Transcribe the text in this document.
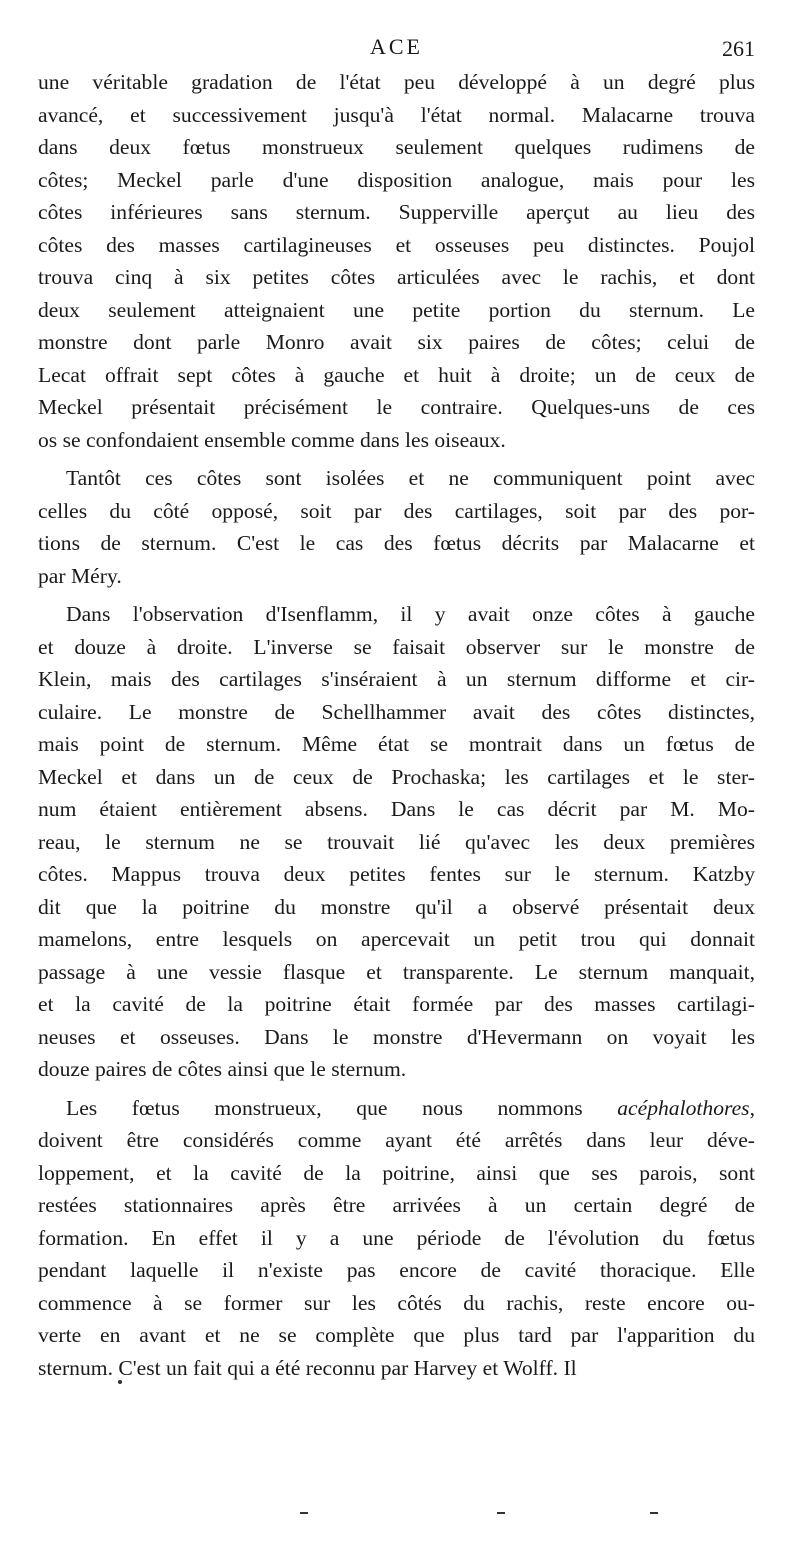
ACE	261
une véritable gradation de l'état peu développé à un degré plus
avancé, et successivement jusqu'à l'état normal. Malacarne trouva
dans deux fœtus monstrueux seulement quelques rudimens de
côtes; Meckel parle d'une disposition analogue, mais pour les
côtes inférieures sans sternum. Supperville aperçut au lieu des
côtes des masses cartilagineuses et osseuses peu distinctes. Poujol
trouva cinq à six petites côtes articulées avec le rachis, et dont
deux seulement atteignaient une petite portion du sternum. Le
monstre dont parle Monro avait six paires de côtes; celui de
Lecat offrait sept côtes à gauche et huit à droite; un de ceux de
Meckel présentait précisément le contraire. Quelques-uns de ces
os se confondaient ensemble comme dans les oiseaux.
Tantôt ces côtes sont isolées et ne communiquent point avec
celles du côté opposé, soit par des cartilages, soit par des por-
tions de sternum. C'est le cas des fœtus décrits par Malacarne et
par Méry.
Dans l'observation d'Isenflamm, il y avait onze côtes à gauche
et douze à droite. L'inverse se faisait observer sur le monstre de
Klein, mais des cartilages s'inséraient à un sternum difforme et cir-
culaire. Le monstre de Schellhammer avait des côtes distinctes,
mais point de sternum. Même état se montrait dans un fœtus de
Meckel et dans un de ceux de Prochaska; les cartilages et le ster-
num étaient entièrement absens. Dans le cas décrit par M. Mo-
reau, le sternum ne se trouvait lié qu'avec les deux premières
côtes. Mappus trouva deux petites fentes sur le sternum. Katzby
dit que la poitrine du monstre qu'il a observé présentait deux
mamelons, entre lesquels on apercevait un petit trou qui donnait
passage à une vessie flasque et transparente. Le sternum manquait,
et la cavité de la poitrine était formée par des masses cartilagi-
neuses et osseuses. Dans le monstre d'Hevermann on voyait les
douze paires de côtes ainsi que le sternum.
Les fœtus monstrueux, que nous nommons acéphalothores,
doivent être considérés comme ayant été arrêtés dans leur déve-
loppement, et la cavité de la poitrine, ainsi que ses parois, sont
restées stationnaires après être arrivées à un certain degré de
formation. En effet il y a une période de l'évolution du fœtus
pendant laquelle il n'existe pas encore de cavité thoracique. Elle
commence à se former sur les côtés du rachis, reste encore ou-
verte en avant et ne se complète que plus tard par l'apparition du
sternum. C'est un fait qui a été reconnu par Harvey et Wolff. Il
